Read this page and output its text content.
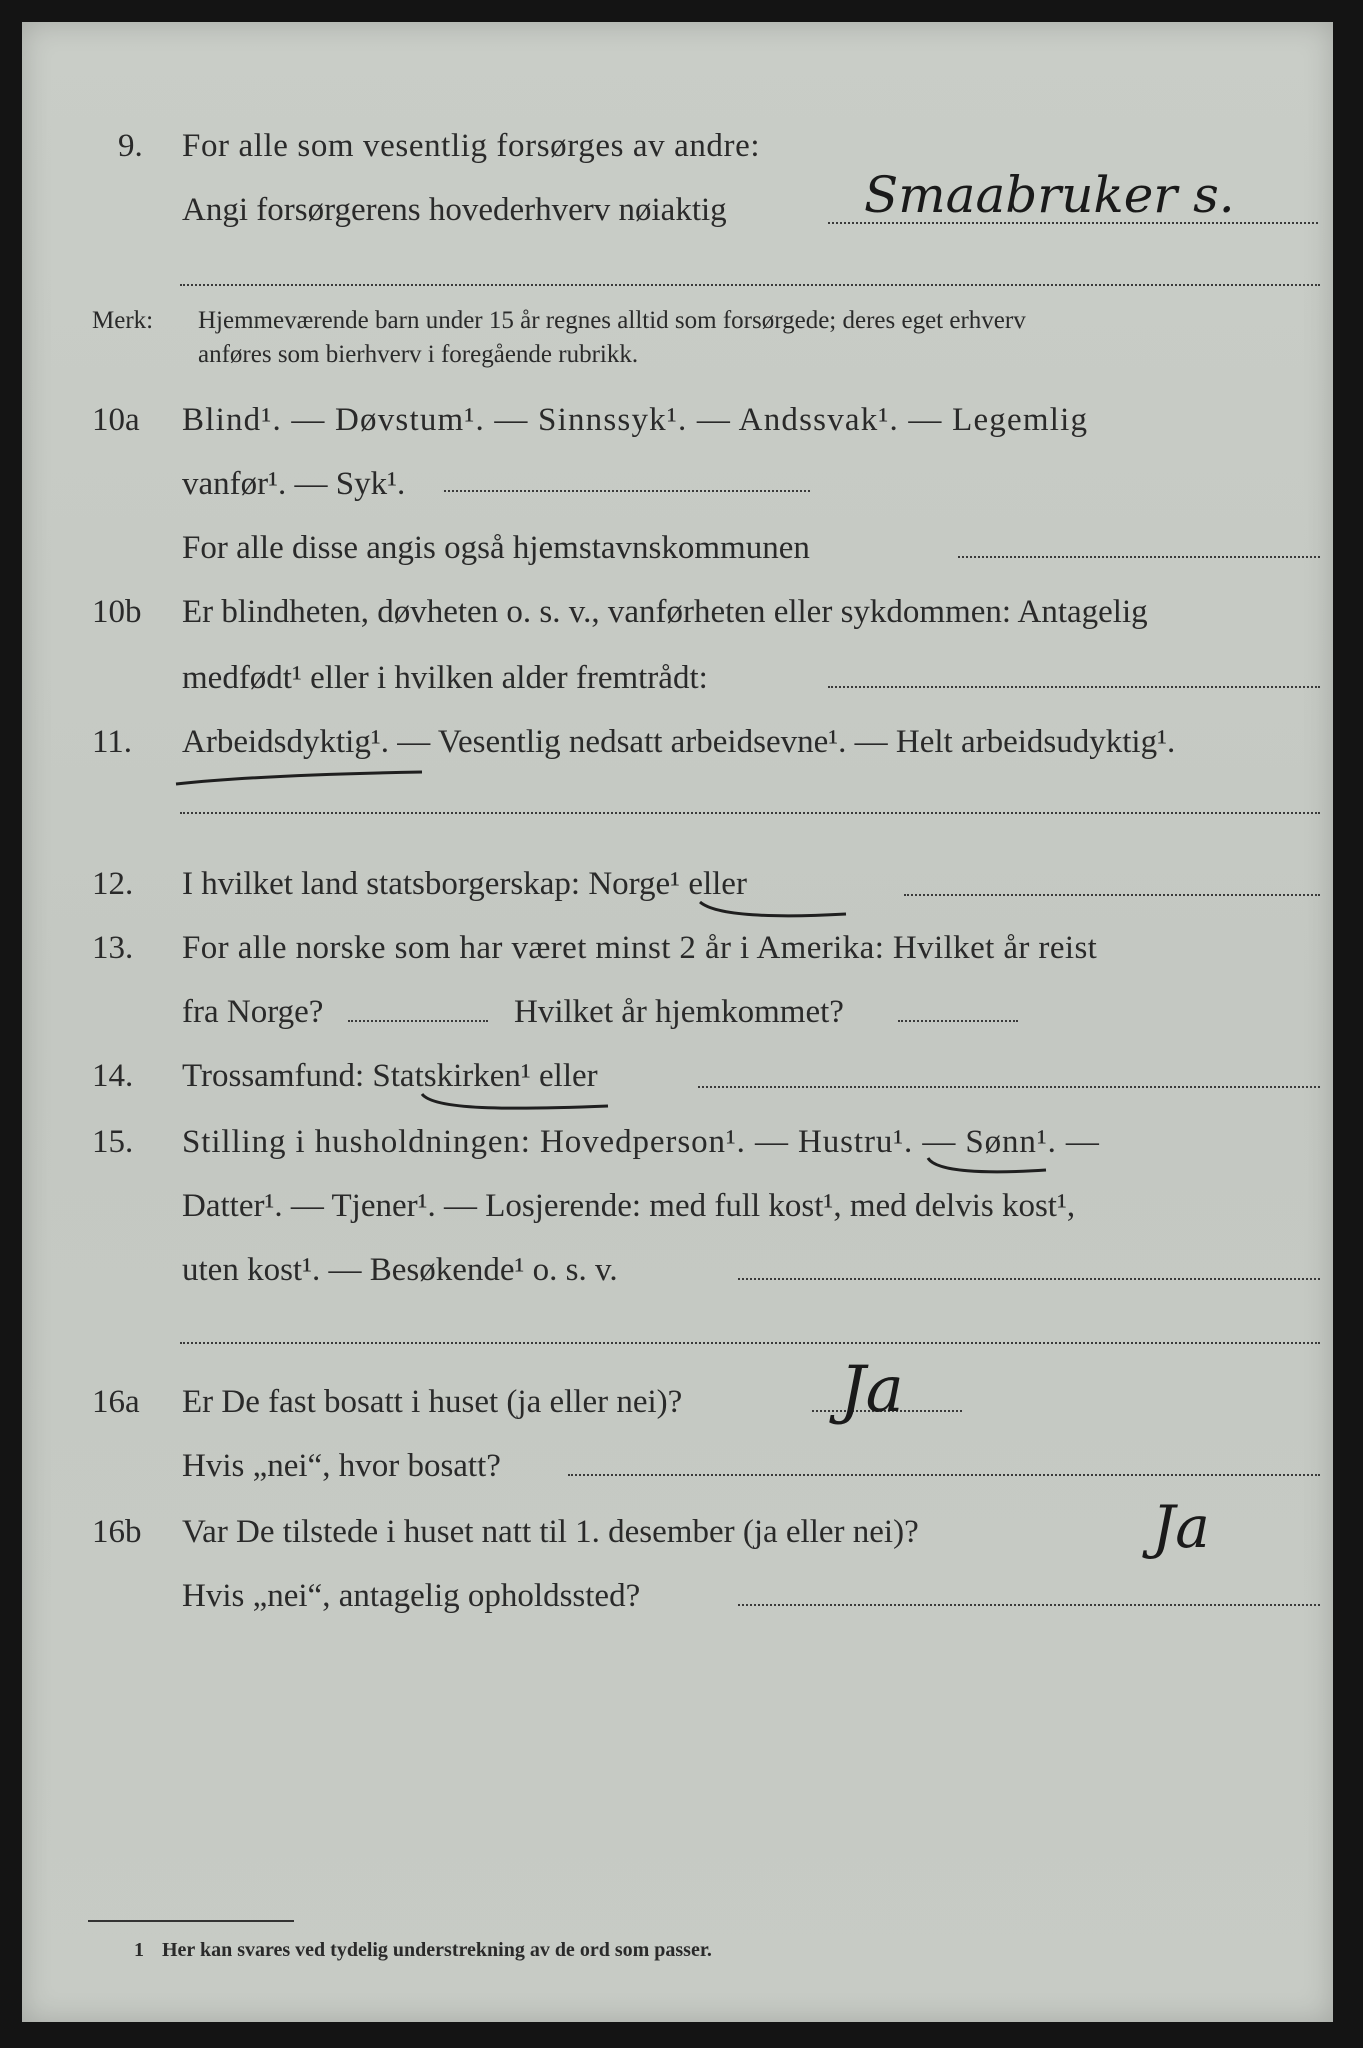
9. For alle som vesentlig forsørges av andre:
Angi forsørgerens hovederhverv nøiaktig	Smaabruker s.
Merk: Hjemmeværende barn under 15 år regnes alltid som forsørgede; deres eget erhverv
anføres som bierhverv i foregående rubrikk.
10a Blind¹. — Døvstum¹. — Sinnssyk¹. — Andssvak¹. — Legemlig
vanfør¹. — Syk¹.
For alle disse angis også hjemstavnskommunen
10b Er blindheten, døvheten o. s. v., vanførheten eller sykdommen: Antagelig
medfødt¹ eller i hvilken alder fremtrådt:
11. Arbeidsdyktig¹. — Vesentlig nedsatt arbeidsevne¹. — Helt arbeidsudyktig¹.
12. I hvilket land statsborgerskap: Norge¹ eller
13. For alle norske som har været minst 2 år i Amerika: Hvilket år reist
fra Norge?	Hvilket år hjemkommet?
14. Trossamfund: Statskirken¹ eller
15. Stilling i husholdningen: Hovedperson¹. — Hustru¹. — Sønn¹. —
Datter¹. — Tjener¹. — Losjerende: med full kost¹, med delvis kost¹,
uten kost¹. — Besøkende¹ o. s. v.
16a Er De fast bosatt i huset (ja eller nei)? Ja
Hvis „nei“, hvor bosatt?
16b Var De tilstede i huset natt til 1. desember (ja eller nei)?	Ja
Hvis „nei“, antagelig opholdssted?
1 Her kan svares ved tydelig understrekning av de ord som passer.
